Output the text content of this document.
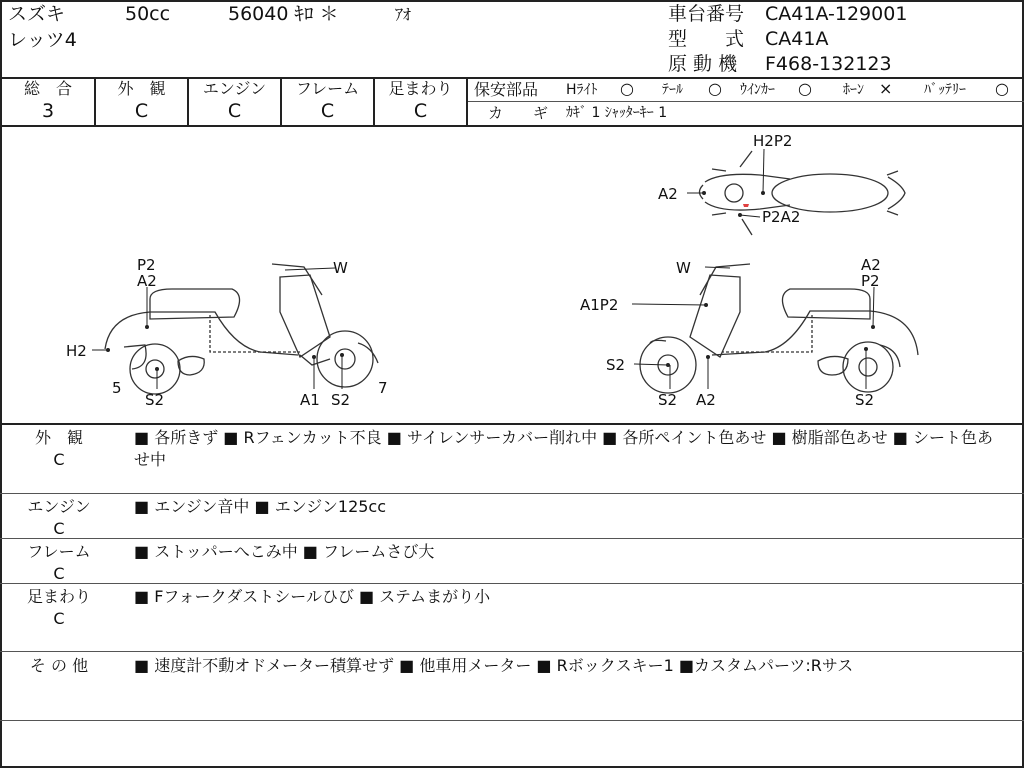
スズキ	50cc	56040 ｷﾛ ＊	ｱｵ
レッツ4
車台番号 CA41A-129001
型　　式 CA41A
原 動 機 F468-132123
総　合
3
外　観
C
エンジン
C
フレーム
C
足まわり
C
保安部品 Hﾗｲﾄ ○ ﾃｰﾙ ○ ｳｲﾝｶｰ ○ ﾎｰﾝ × ﾊﾞｯﾃﾘｰ ○
カ　　ギ ｶｷﾞ 1 ｼｬｯﾀｰｷｰ 1
H2P2
A2
P2A2
P2
A2
W
H2
5
S2	A1 S2
7
W	A2
P2
A1P2
S2
S2 A2	S2
外　観
C
■ 各所きず ■ Rフェンカット不良 ■ サイレンサーカバー削れ中 ■ 各所ペイント色あせ ■ 樹脂部色あせ ■ シート色あせ中
エンジン
C
■ エンジン音中 ■ エンジン125cc
フレーム
C
■ ストッパーへこみ中 ■ フレームさび大
足まわり
C
■ Fフォークダストシールひび ■ ステムまがり小
そ の 他	■ 速度計不動オドメーター積算せず ■ 他車用メーター ■ Rボックスキー1 ■カスタムパーツ:Rサス
